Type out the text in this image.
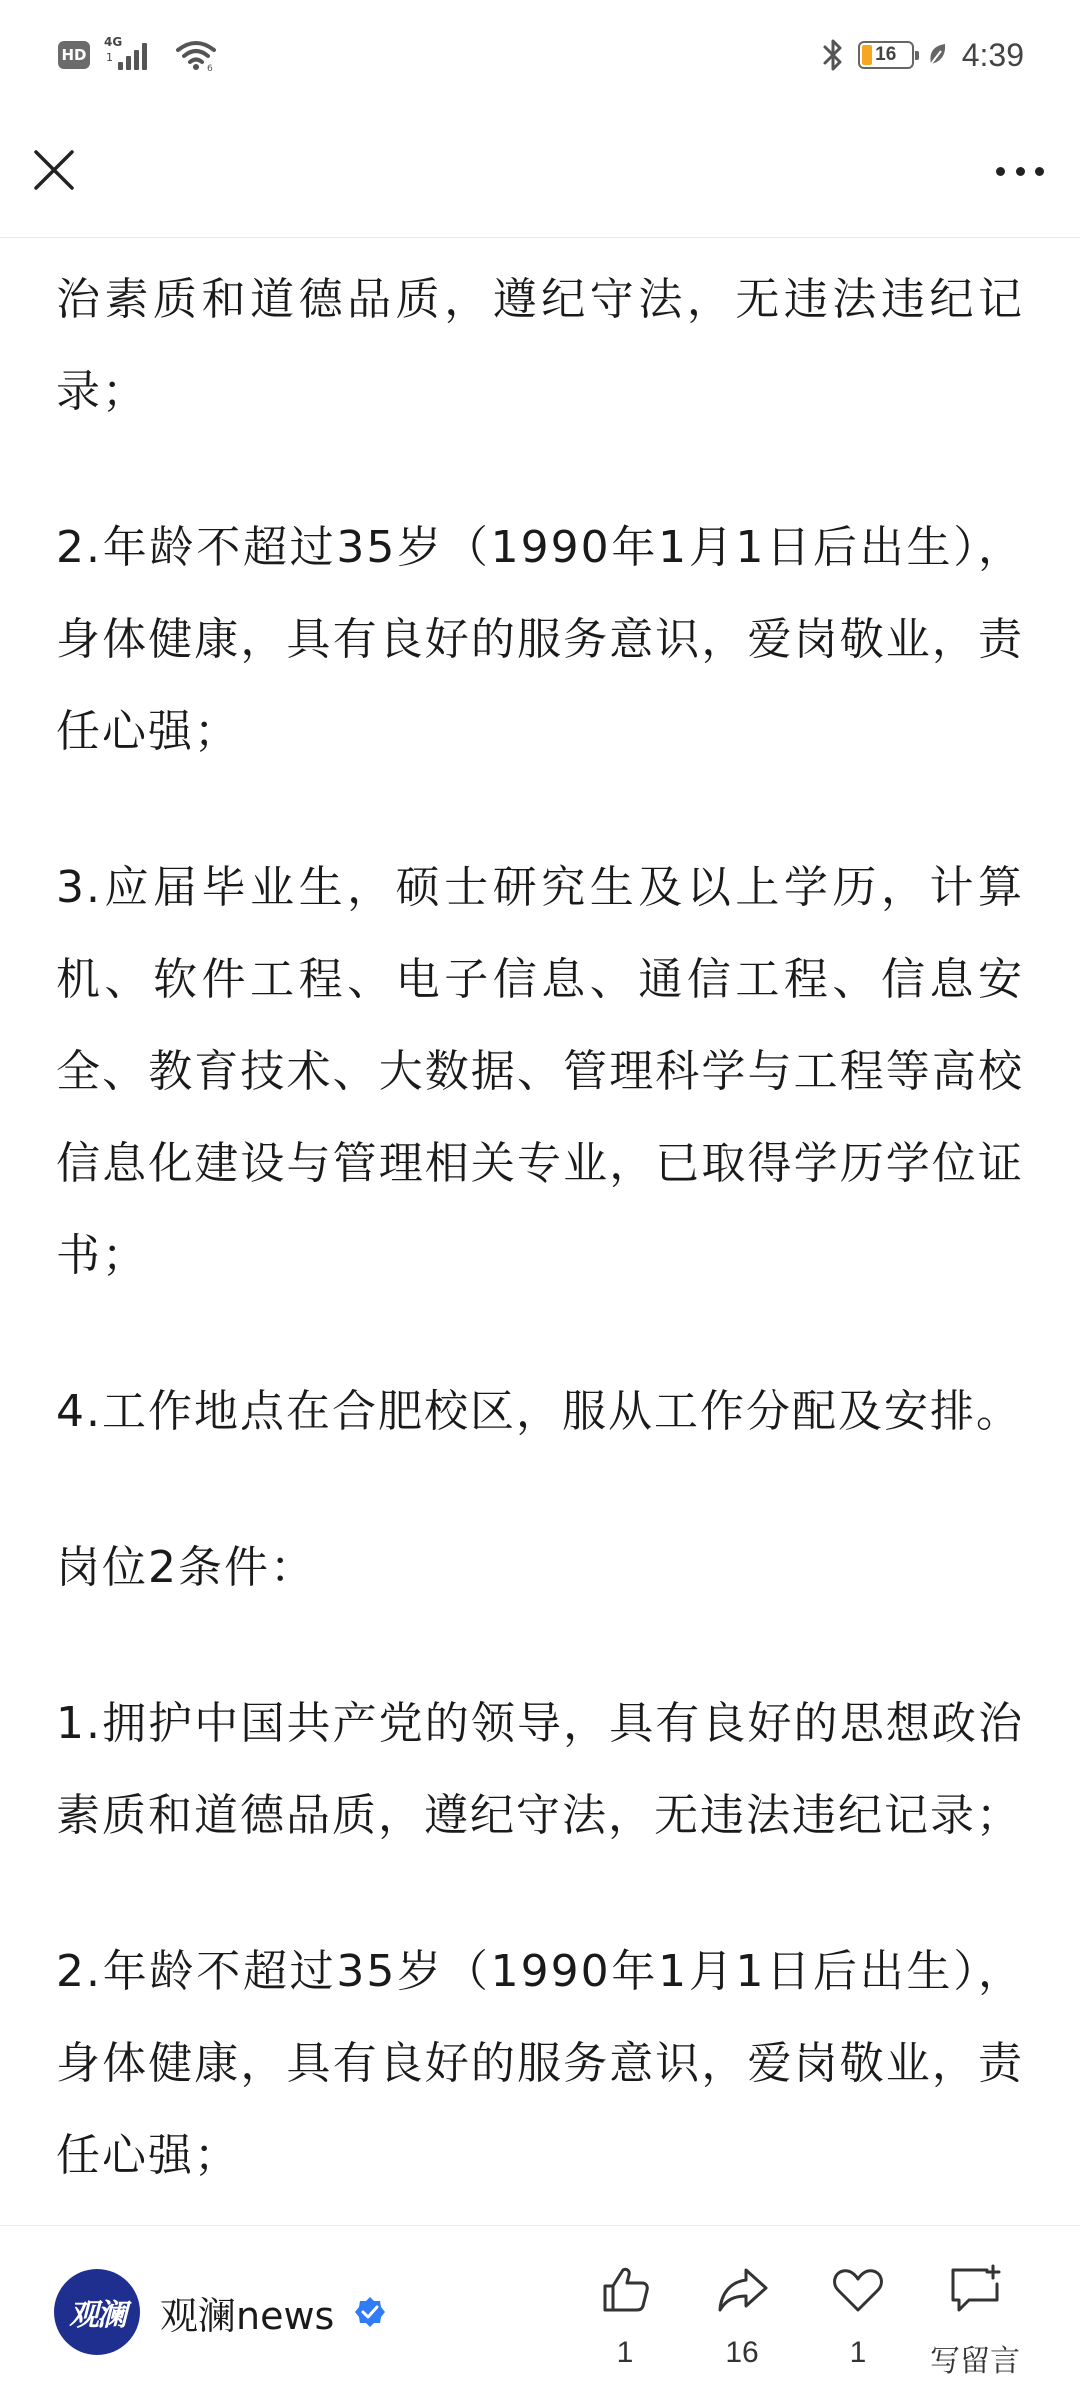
HD
4G
1
6
16 4:39

治素质和道德品质，遵纪守法，无违法违纪记录；

2.年龄不超过35岁（1990年1月1日后出生），身体健康，具有良好的服务意识，爱岗敬业，责任心强；

3.应届毕业生，硕士研究生及以上学历，计算机、软件工程、电子信息、通信工程、信息安全、教育技术、大数据、管理科学与工程等高校信息化建设与管理相关专业，已取得学历学位证书；

4.工作地点在合肥校区，服从工作分配及安排。

岗位2条件：

1.拥护中国共产党的领导，具有良好的思想政治素质和道德品质，遵纪守法，无违法违纪记录；

2.年龄不超过35岁（1990年1月1日后出生），身体健康，具有良好的服务意识，爱岗敬业，责任心强；

观澜 观澜news
1	16	1 写留言
